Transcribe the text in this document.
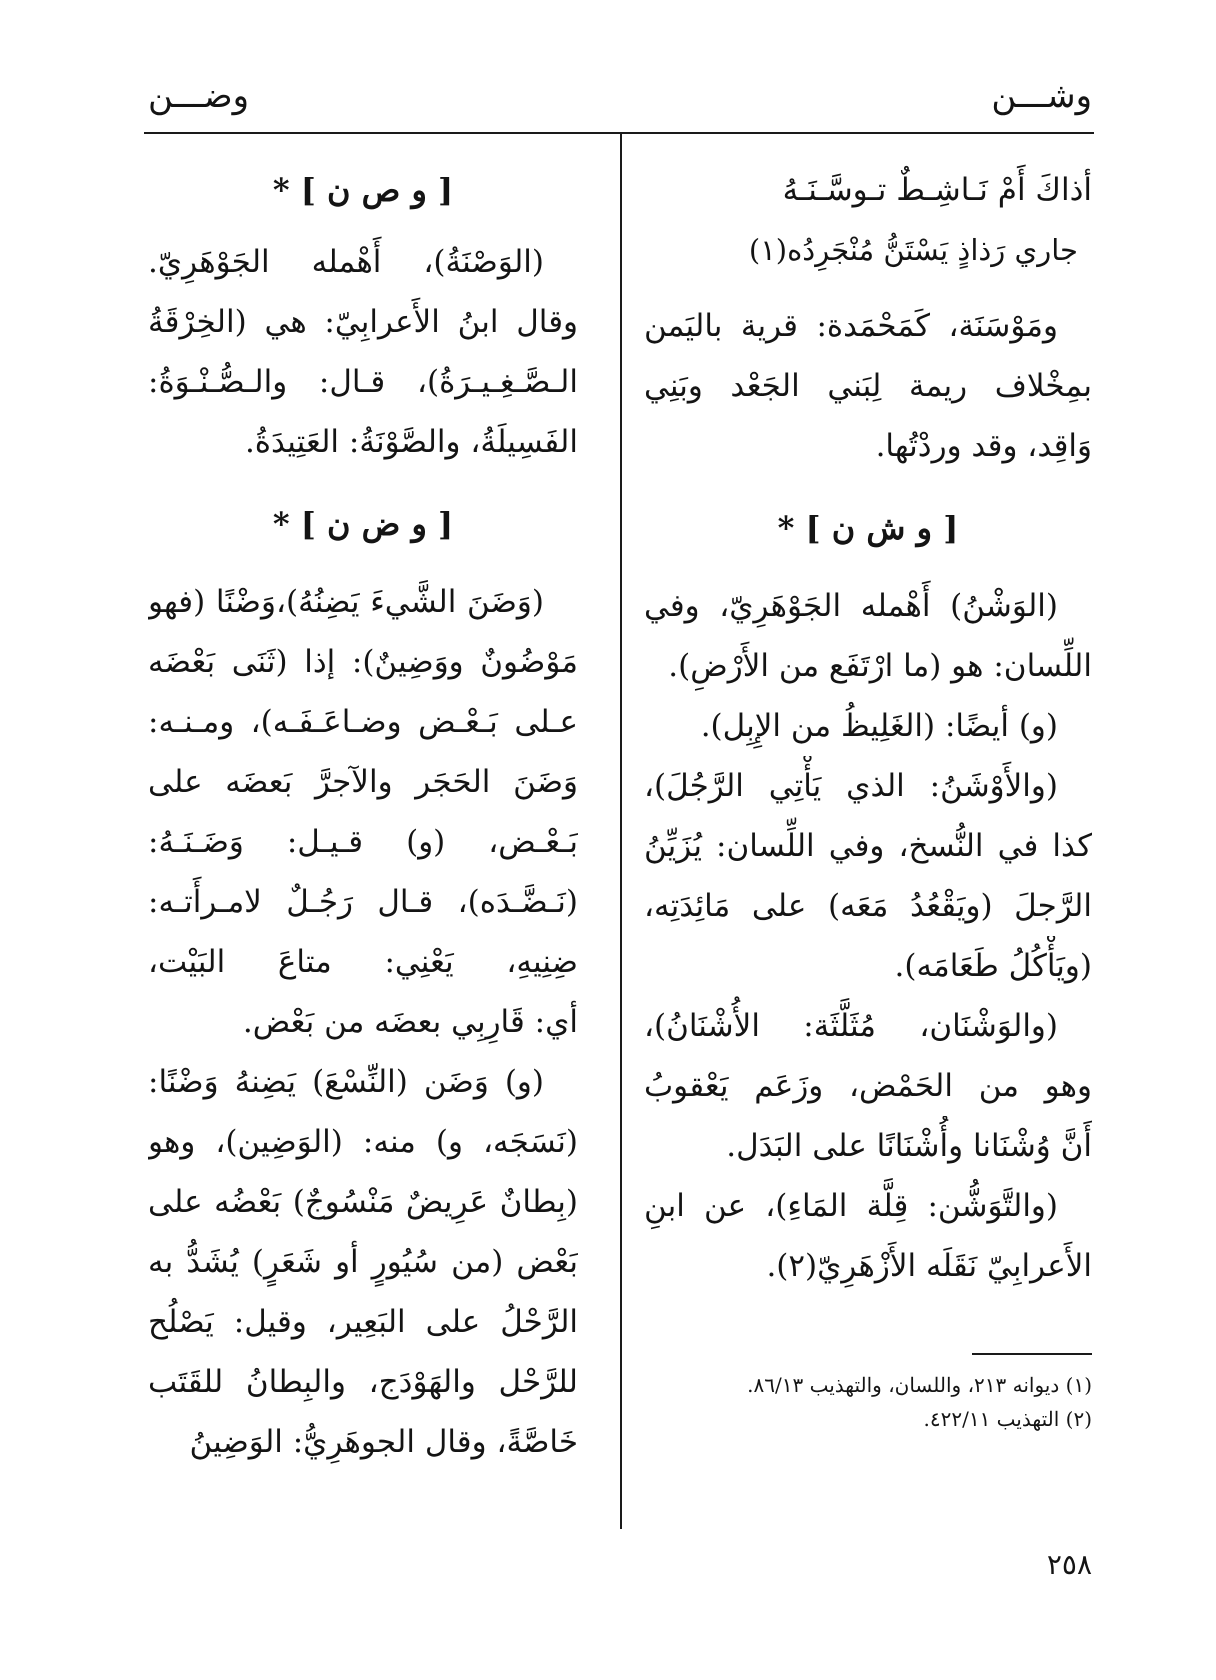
وشـــن
وضـــن
أذاكَ أَمْ نَـاشِـطٌ تـوسَّـنَـهُ
جاري رَذاذٍ يَسْتَنُّ مُنْجَرِدُه(١)
ومَوْسَنَة، كَمَحْمَدة: قرية باليَمن
بمِخْلاف ريمة لِبَني الجَعْد وبَنِي
وَاقِد، وقد وردْتُها.
[ و ش ن ] *
(الوَشْنُ) أَهْمله الجَوْهَرِيّ، وفي
اللِّسان: هو (ما ارْتَفَع من الأَرْضِ).
(و) أيضًا: (الغَلِيظُ من الإِبِل).
(والأَوْشَنُ: الذي يَأْتِي الرَّجُلَ)،
كذا في النُّسخ، وفي اللِّسان: يُزَيِّنُ
الرَّجلَ (ويَقْعُدُ مَعَه) على مَائِدَتِه،
(ويَأْكُلُ طَعَامَه).
(والوَشْنَان، مُثَلَّثَة: الأُشْنَانُ)،
وهو من الحَمْض، وزَعَم يَعْقوبُ
أَنَّ وُشْنَانا وأُشْنَانًا على البَدَل.
(والتَّوَشُّن: قِلَّة المَاءِ)، عن ابنِ
الأَعرابِيّ نَقَلَه الأَزْهَرِيّ(٢).
(١) ديوانه ٢١٣، واللسان، والتهذيب ٨٦/١٣.
(٢) التهذيب ٤٢٢/١١.
٢٥٨
[ و ص ن ] *
(الوَصْنَةُ)، أَهْمله الجَوْهَرِيّ.
وقال ابنُ الأَعرابِيّ: هي (الخِرْقَةُ
الـصَّـغِـيـرَةُ)، قـال: والـصُّـنْـوَةُ:
الفَسِيلَةُ، والصَّوْنَةُ: العَتِيدَةُ.
[ و ض ن ] *
(وَضَنَ الشَّيءَ يَضِنُهُ)،وَضْنًا (فهو
مَوْضُونٌ ووَضِينٌ): إذا (ثَنَى بَعْضَه
عـلى بَـعْـض وضـاعَـفَـه)، ومـنـه:
وَضَنَ الحَجَر والآجرَّ بَعضَه على
بَـعْـض، (و) قـيـل: وَضَـنَـهُ:
(نَـضَّـدَه)، قـال رَجُـلٌ لامـرأَتـه:
ضِنِيهِ، يَعْنِي: متاعَ البَيْت،
أي: قَارِبِي بعضَه من بَعْض.
(و) وَضَن (النِّسْعَ) يَضِنهُ وَضْنًا:
(نَسَجَه، و) منه: (الوَضِين)، وهو
(بِطانٌ عَرِيضٌ مَنْسُوجٌ) بَعْضُه على
بَعْض (من سُيُورٍ أو شَعَرٍ) يُشَدُّ به
الرَّحْلُ على البَعِير، وقيل: يَصْلُح
للرَّحْل والهَوْدَج، والبِطانُ للقَتَب
خَاصَّةً، وقال الجوهَرِيُّ: الوَضِينُ
